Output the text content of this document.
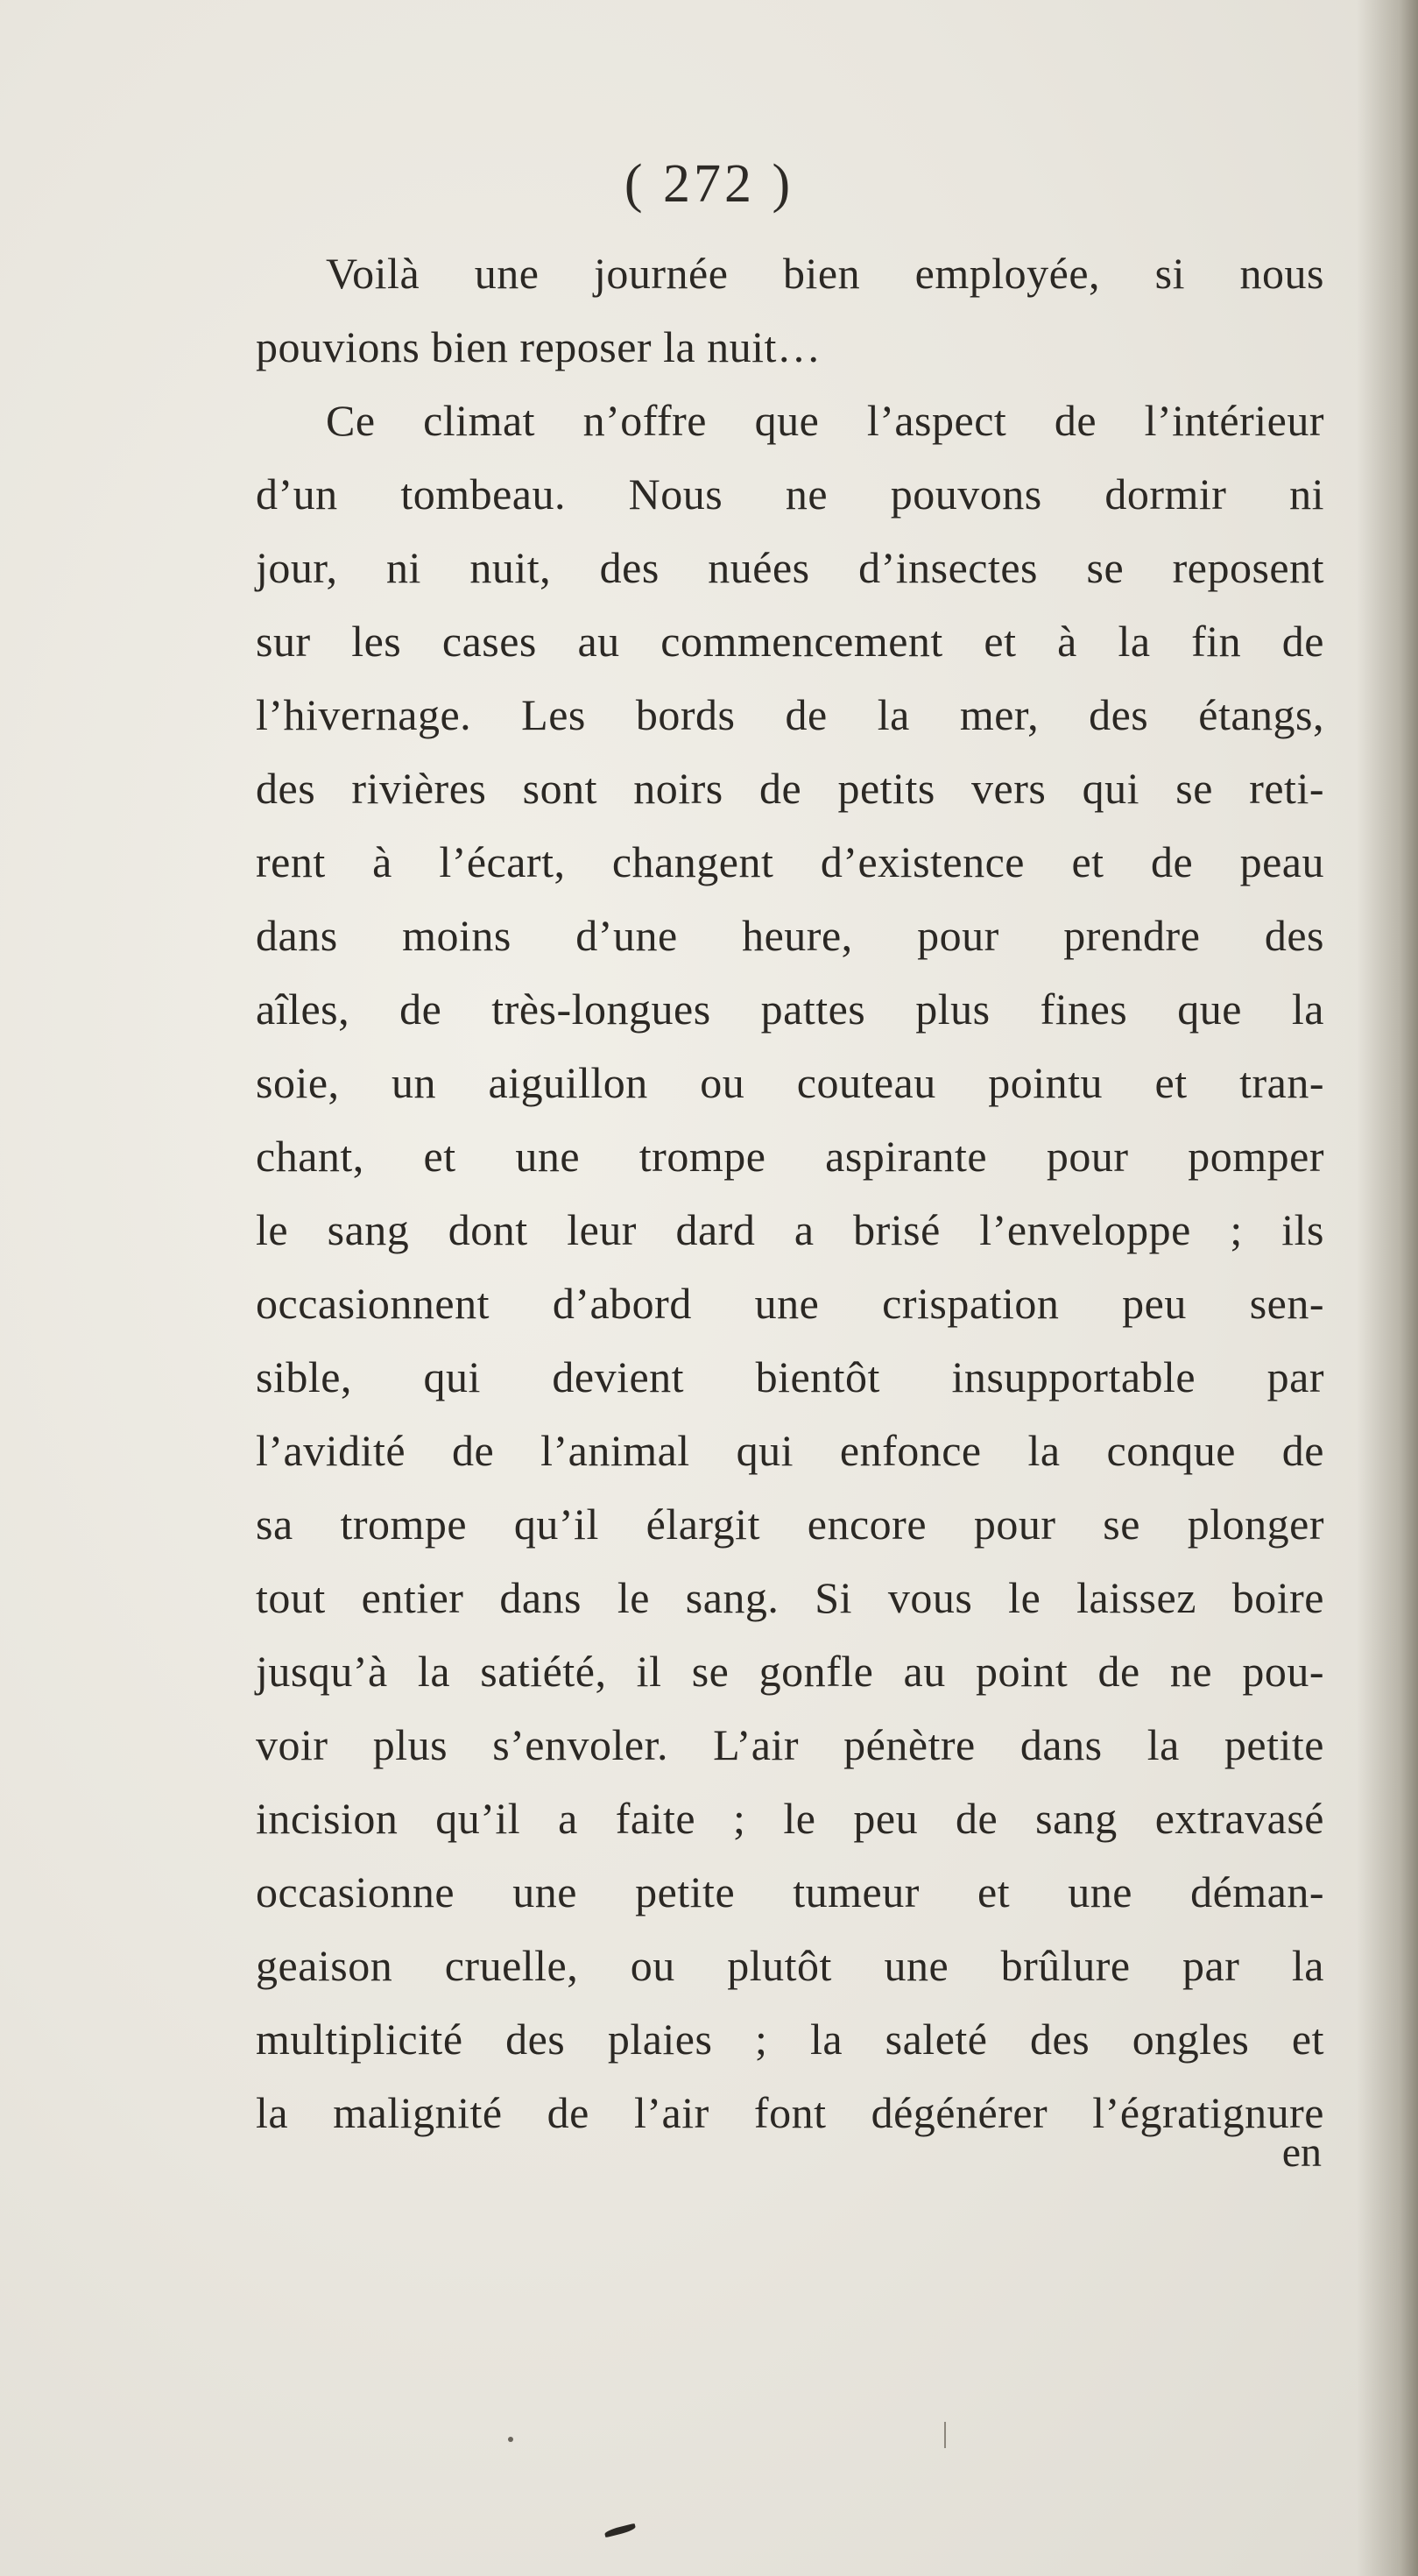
( 272 )
Voilà une journée bien employée, si nous
pouvions bien reposer la nuit…
Ce climat n’offre que l’aspect de l’intérieur
d’un tombeau. Nous ne pouvons dormir ni
jour, ni nuit, des nuées d’insectes se reposent
sur les cases au commencement et à la fin de
l’hivernage. Les bords de la mer, des étangs,
des rivières sont noirs de petits vers qui se reti-
rent à l’écart, changent d’existence et de peau
dans moins d’une heure, pour prendre des
aîles, de très-longues pattes plus fines que la
soie, un aiguillon ou couteau pointu et tran-
chant, et une trompe aspirante pour pomper
le sang dont leur dard a brisé l’enveloppe ; ils
occasionnent d’abord une crispation peu sen-
sible, qui devient bientôt insupportable par
l’avidité de l’animal qui enfonce la conque de
sa trompe qu’il élargit encore pour se plonger
tout entier dans le sang. Si vous le laissez boire
jusqu’à la satiété, il se gonfle au point de ne pou-
voir plus s’envoler. L’air pénètre dans la petite
incision qu’il a faite ; le peu de sang extravasé
occasionne une petite tumeur et une déman-
geaison cruelle, ou plutôt une brûlure par la
multiplicité des plaies ; la saleté des ongles et
la malignité de l’air font dégénérer l’égratignure
en
